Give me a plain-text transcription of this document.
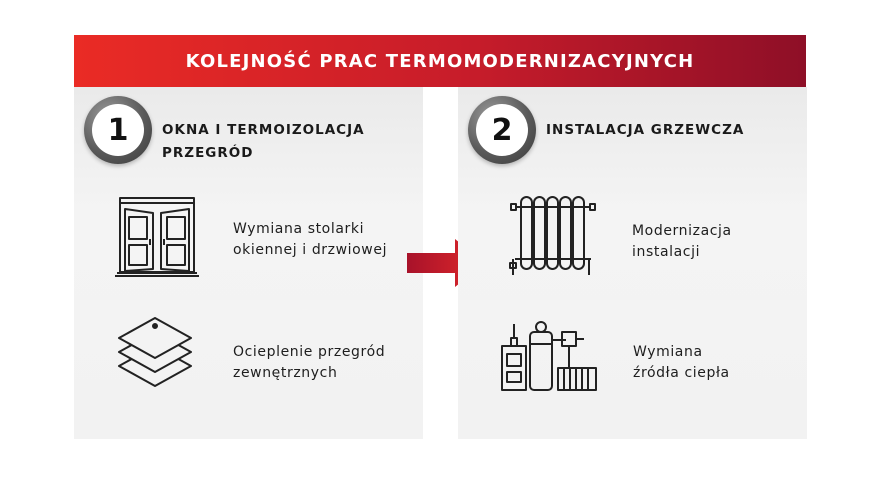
KOLEJNOŚĆ PRAC TERMOMODERNIZACYJNYCH
1	OKNA I TERMOIZOLACJA
PRZEGRÓD
Wymiana stolarki
okiennej i drzwiowej
Ocieplenie przegród
zewnętrznych
2	INSTALACJA GRZEWCZA
Modernizacja
instalacji
Wymiana
źródła ciepła
